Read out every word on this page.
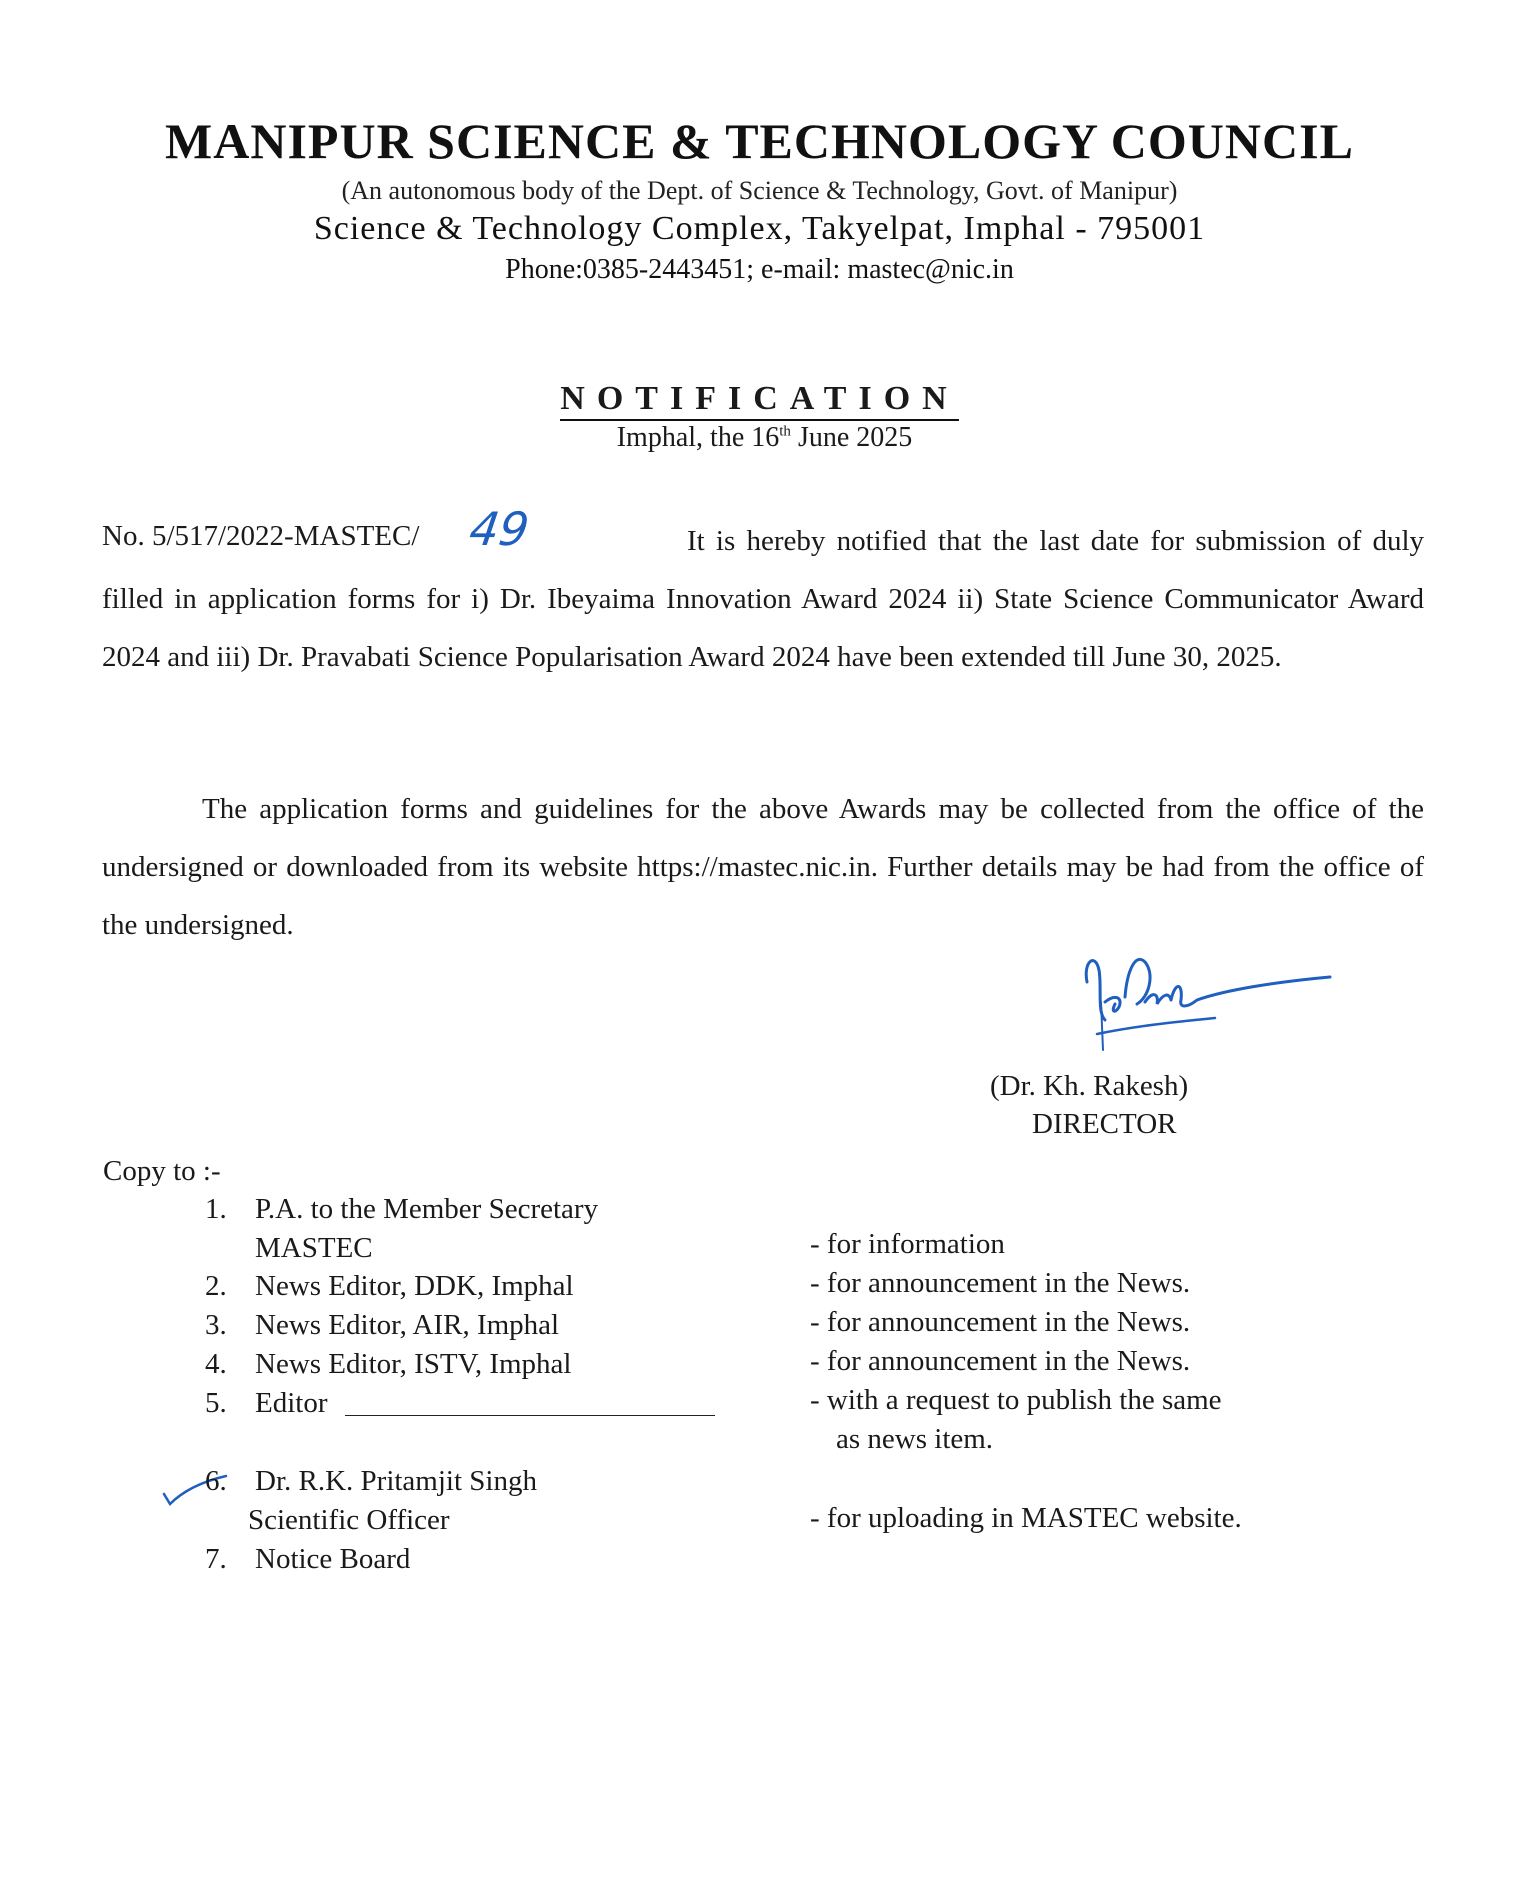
MANIPUR SCIENCE & TECHNOLOGY COUNCIL
(An autonomous body of the Dept. of Science & Technology, Govt. of Manipur)
Science & Technology Complex, Takyelpat, Imphal - 795001
Phone:0385-2443451; e-mail: mastec@nic.in
NOTIFICATION
Imphal, the 16th June 2025
No. 5/517/2022-MASTEC/ 49	It is hereby notified that the last date for submission of duly filled in application forms for i) Dr. Ibeyaima Innovation Award 2024 ii) State Science Communicator Award 2024 and iii) Dr. Pravabati Science Popularisation Award 2024 have been extended till June 30, 2025.
The application forms and guidelines for the above Awards may be collected from the office of the undersigned or downloaded from its website https://mastec.nic.in. Further details may be had from the office of the undersigned.
(Dr. Kh. Rakesh)
DIRECTOR
Copy to :-
1. P.A. to the Member Secretary
MASTEC	- for information
2. News Editor, DDK, Imphal	- for announcement in the News.
3. News Editor, AIR, Imphal	- for announcement in the News.
4. News Editor, ISTV, Imphal	- for announcement in the News.
5. Editor	- with a request to publish the same
as news item.
6. Dr. R.K. Pritamjit Singh
Scientific Officer	- for uploading in MASTEC website.
7. Notice Board
